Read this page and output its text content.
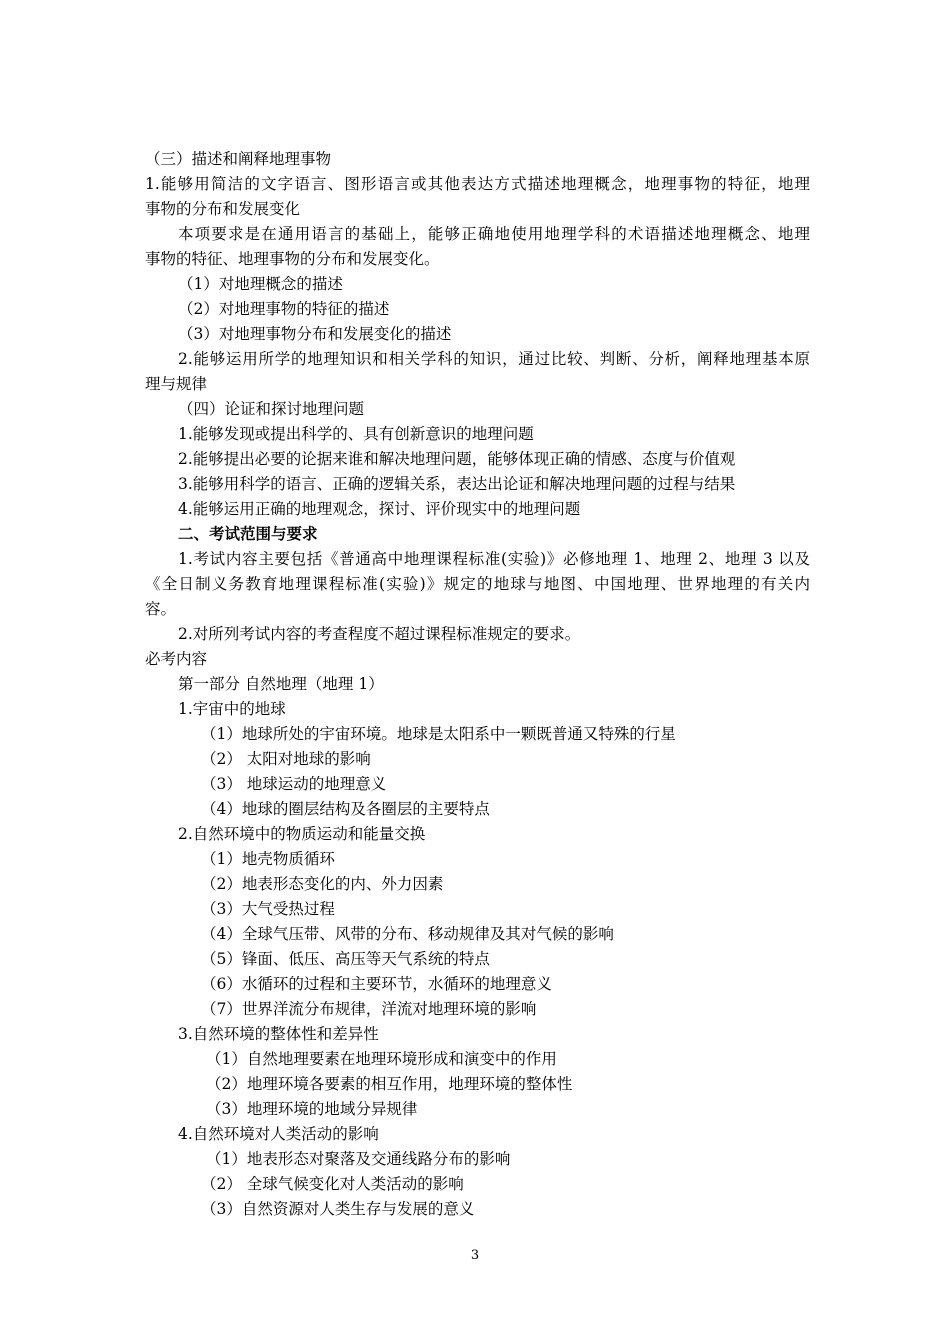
（三）描述和阐释地理事物
1.能够用简洁的文字语言、图形语言或其他表达方式描述地理概念，地理事物的特征，地理
事物的分布和发展变化
本项要求是在通用语言的基础上，能够正确地使用地理学科的术语描述地理概念、地理
事物的特征、地理事物的分布和发展变化。
（1）对地理概念的描述
（2）对地理事物的特征的描述
（3）对地理事物分布和发展变化的描述
2.能够运用所学的地理知识和相关学科的知识，通过比较、判断、分析，阐释地理基本原
理与规律
（四）论证和探讨地理问题
1.能够发现或提出科学的、具有创新意识的地理问题
2.能够提出必要的论据来谁和解决地理问题，能够体现正确的情感、态度与价值观
3.能够用科学的语言、正确的逻辑关系，表达出论证和解决地理问题的过程与结果
4.能够运用正确的地理观念，探讨、评价现实中的地理问题
二、考试范围与要求
1.考试内容主要包括《普通高中地理课程标准(实验)》必修地理 1、地理 2、地理 3 以及
《全日制义务教育地理课程标准(实验)》规定的地球与地图、中国地理、世界地理的有关内
容。
2.对所列考试内容的考查程度不超过课程标准规定的要求。
必考内容
第一部分 自然地理（地理 1）
1.宇宙中的地球
（1）地球所处的宇宙环境。地球是太阳系中一颗既普通又特殊的行星
（2） 太阳对地球的影响
（3） 地球运动的地理意义
（4）地球的圈层结构及各圈层的主要特点
2.自然环境中的物质运动和能量交换
（1）地壳物质循环
（2）地表形态变化的内、外力因素
（3）大气受热过程
（4）全球气压带、风带的分布、移动规律及其对气候的影响
（5）锋面、低压、高压等天气系统的特点
（6）水循环的过程和主要环节，水循环的地理意义
（7）世界洋流分布规律，洋流对地理环境的影响
3.自然环境的整体性和差异性
（1）自然地理要素在地理环境形成和演变中的作用
（2）地理环境各要素的相互作用，地理环境的整体性
（3）地理环境的地域分异规律
4.自然环境对人类活动的影响
（1）地表形态对聚落及交通线路分布的影响
（2） 全球气候变化对人类活动的影响
（3）自然资源对人类生存与发展的意义
3
